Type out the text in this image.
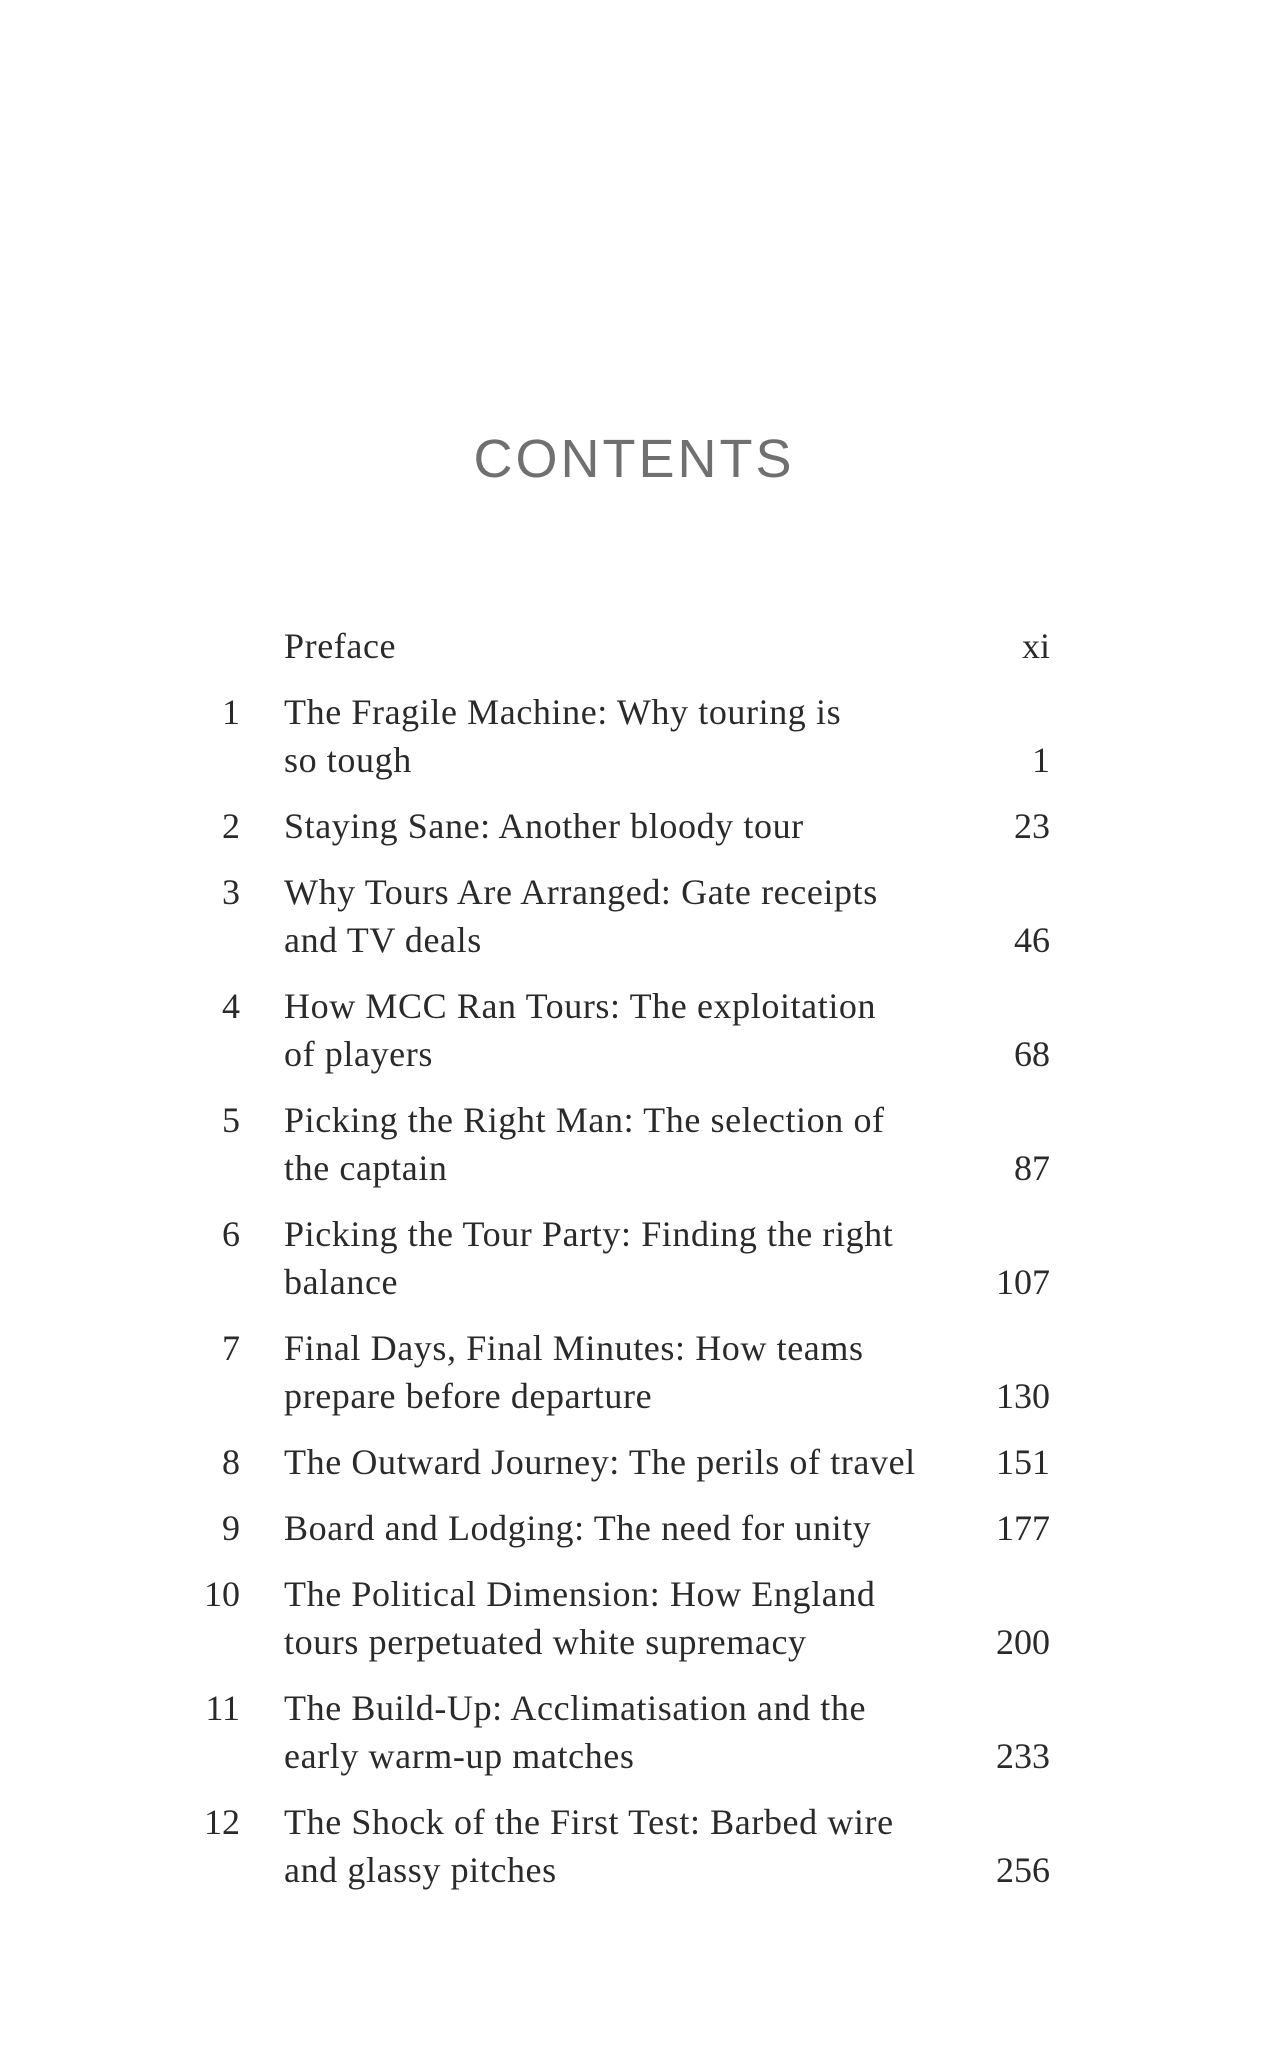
CONTENTS
Preface	xi
1 The Fragile Machine: Why touring is
so tough	1
2 Staying Sane: Another bloody tour	23
3 Why Tours Are Arranged: Gate receipts
and TV deals	46
4 How MCC Ran Tours: The exploitation
of players	68
5 Picking the Right Man: The selection of
the captain	87
6 Picking the Tour Party: Finding the right
balance	107
7 Final Days, Final Minutes: How teams
prepare before departure	130
8 The Outward Journey: The perils of travel	151
9 Board and Lodging: The need for unity	177
10 The Political Dimension: How England
tours perpetuated white supremacy	200
11 The Build-Up: Acclimatisation and the
early warm-up matches	233
12 The Shock of the First Test: Barbed wire
and glassy pitches	256
